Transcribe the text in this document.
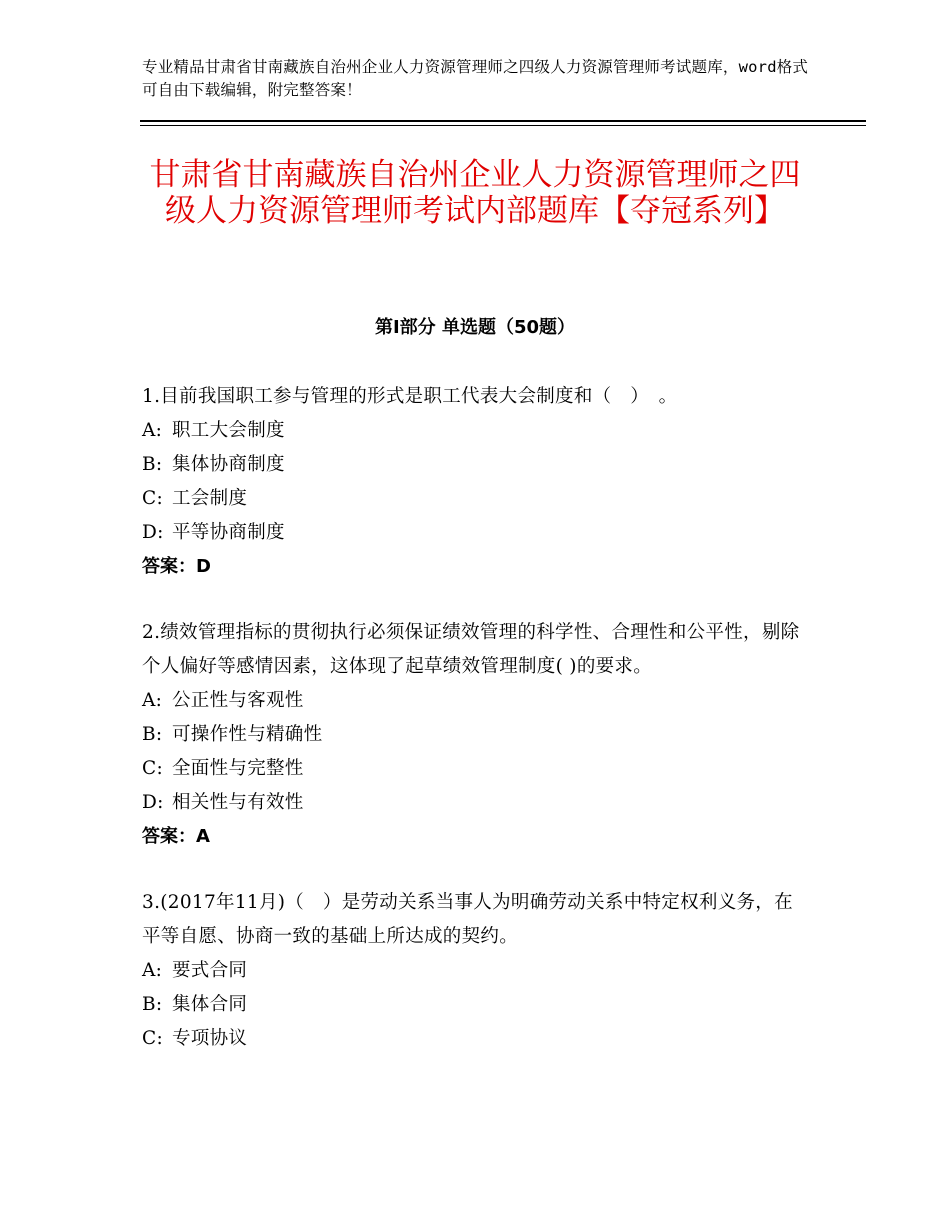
专业精品甘肃省甘南藏族自治州企业人力资源管理师之四级人力资源管理师考试题库，word格式可自由下载编辑，附完整答案！
甘肃省甘南藏族自治州企业人力资源管理师之四级人力资源管理师考试内部题库【夺冠系列】
第Ⅰ部分 单选题（50题）
1.目前我国职工参与管理的形式是职工代表大会制度和（　）　。
A: 职工大会制度
B: 集体协商制度
C: 工会制度
D: 平等协商制度
答案：D
2.绩效管理指标的贯彻执行必须保证绩效管理的科学性、合理性和公平性，剔除个人偏好等感情因素，这体现了起草绩效管理制度( )的要求。
A: 公正性与客观性
B: 可操作性与精确性
C: 全面性与完整性
D: 相关性与有效性
答案：A
3.(2017年11月)（　）是劳动关系当事人为明确劳动关系中特定权利义务，在平等自愿、协商一致的基础上所达成的契约。
A: 要式合同
B: 集体合同
C: 专项协议
